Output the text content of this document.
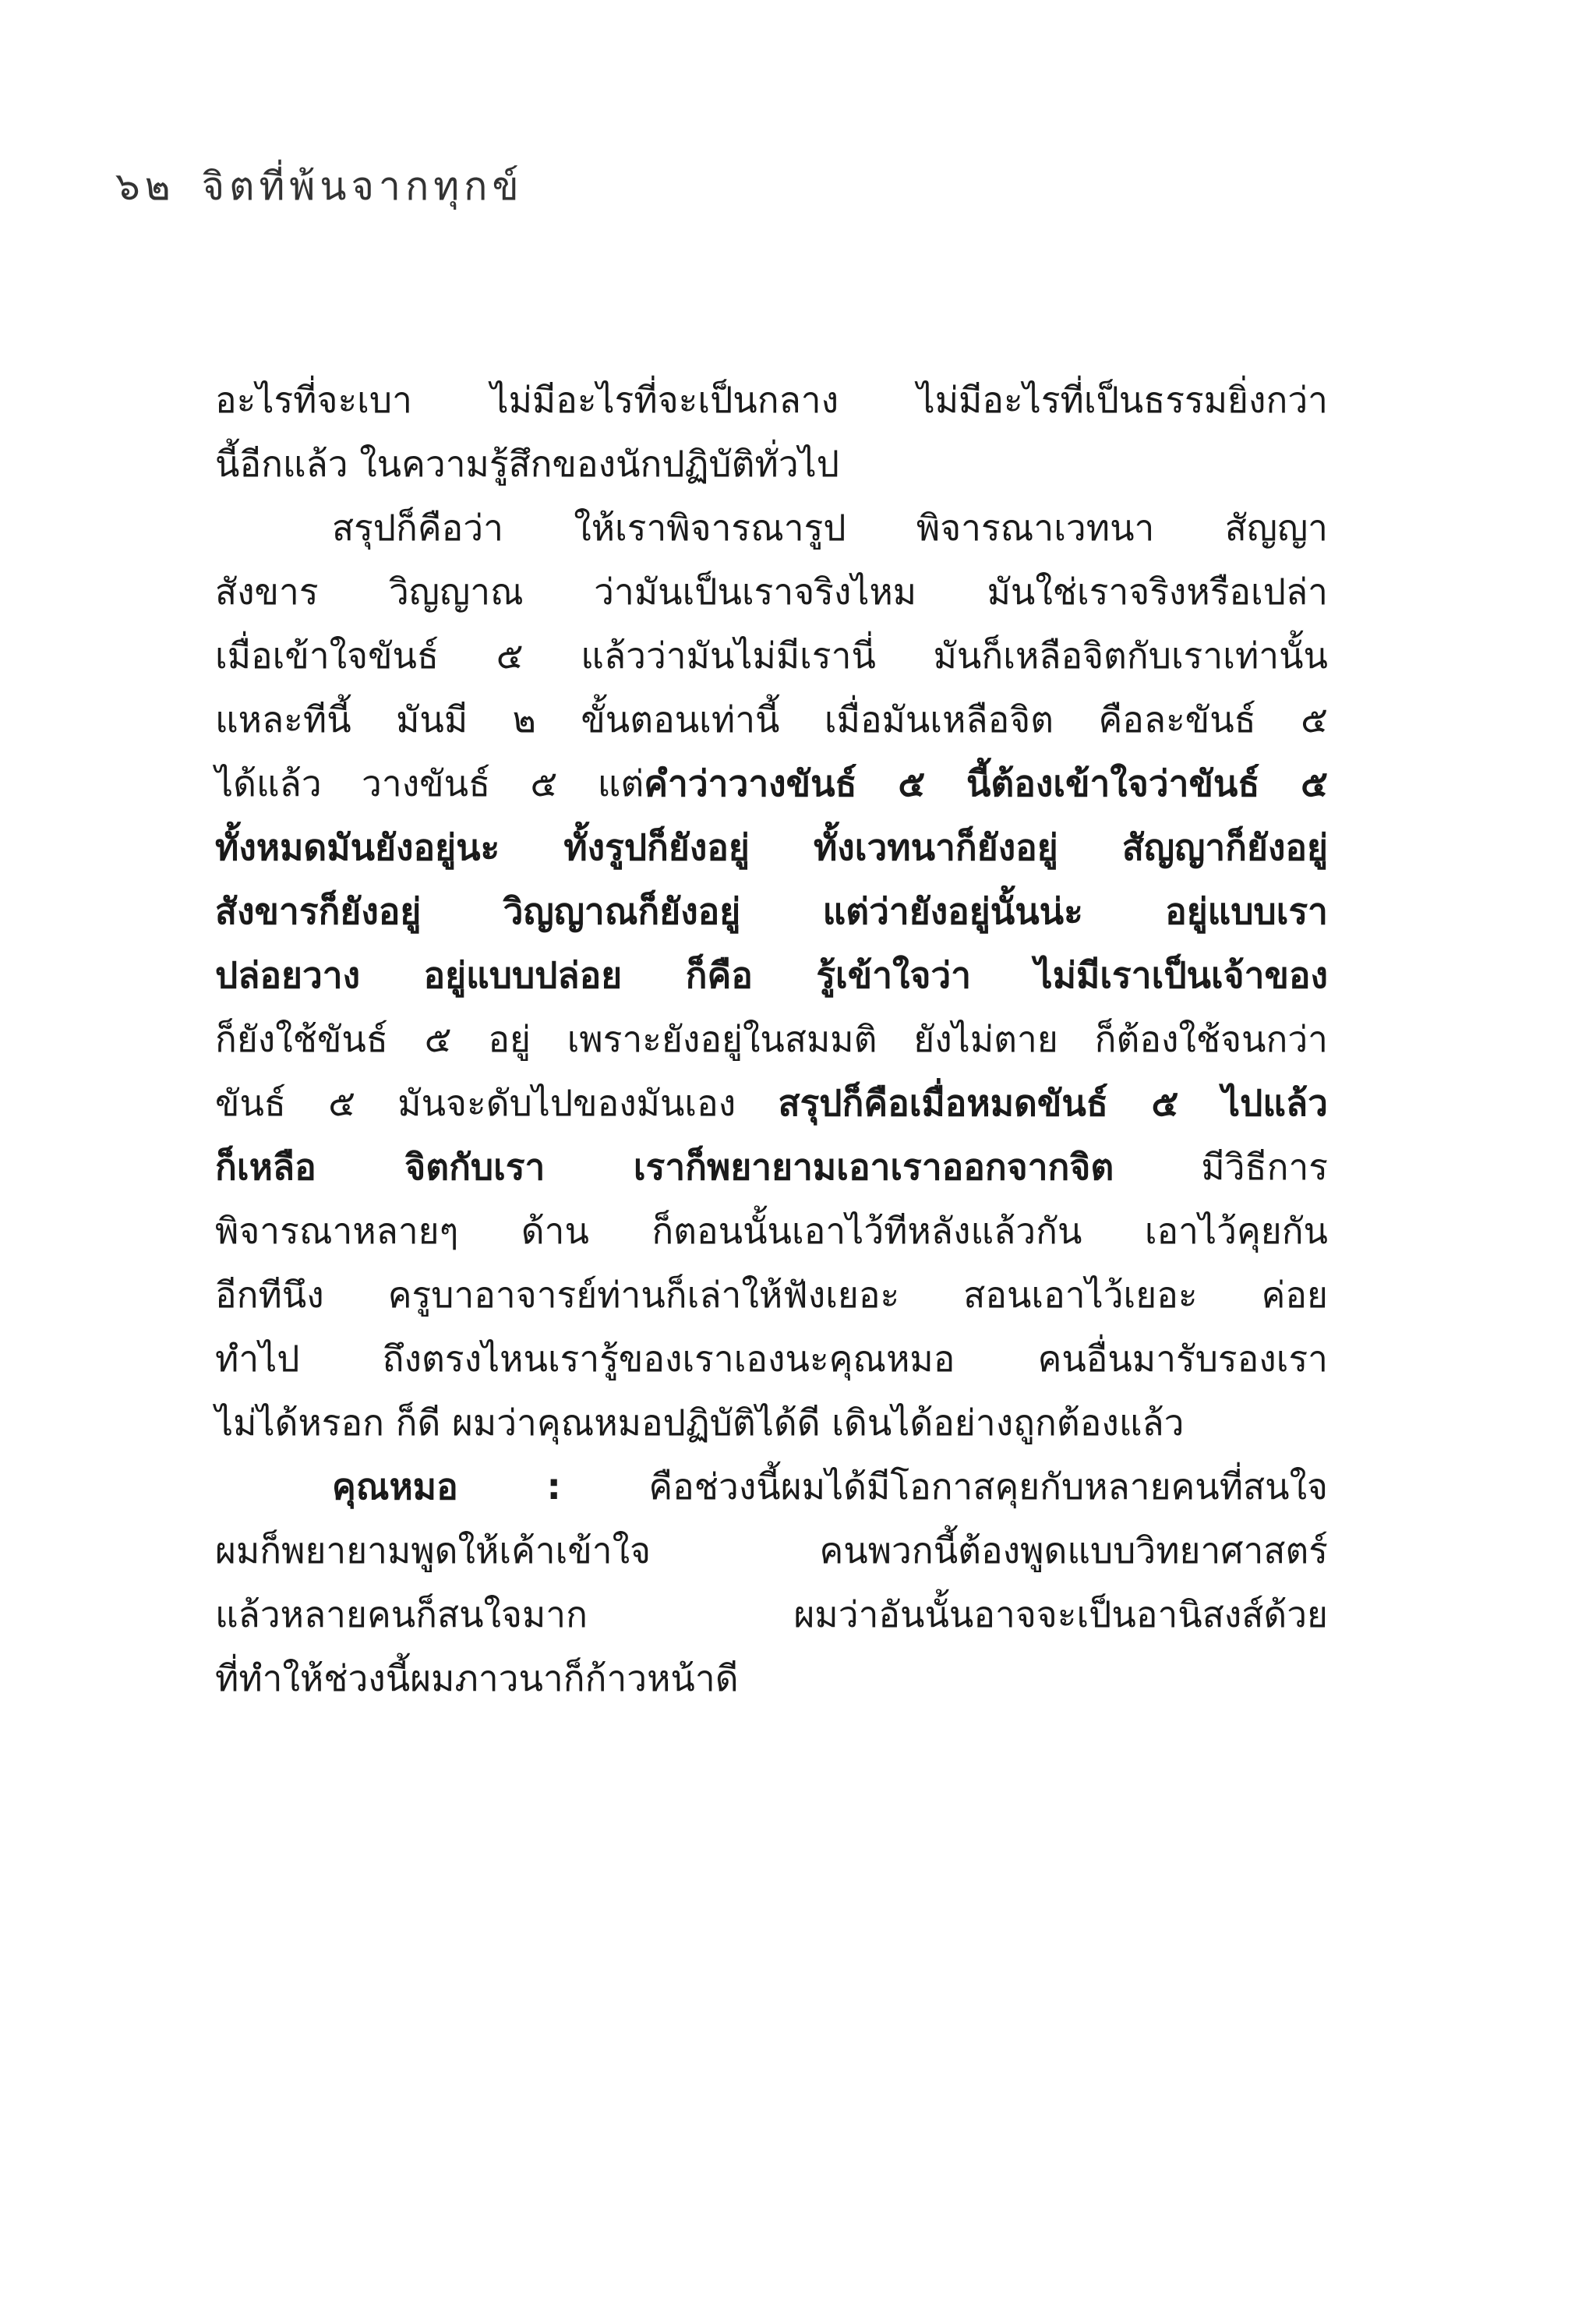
๖๒ จิตที่พ้นจากทุกข์
อะไรที่จะเบา ไม่มีอะไรที่จะเป็นกลาง ไม่มีอะไรที่เป็นธรรมยิ่งกว่า
นี้อีกแล้ว ในความรู้สึกของนักปฏิบัติทั่วไป
สรุปก็คือว่า ให้เราพิจารณารูป พิจารณาเวทนา สัญญา
สังขาร วิญญาณ ว่ามันเป็นเราจริงไหม มันใช่เราจริงหรือเปล่า
เมื่อเข้าใจขันธ์ ๕ แล้วว่ามันไม่มีเรานี่ มันก็เหลือจิตกับเราเท่านั้น
แหละทีนี้ มันมี ๒ ขั้นตอนเท่านี้ เมื่อมันเหลือจิต คือละขันธ์ ๕
ได้แล้ว วางขันธ์ ๕ แต่คำว่าวางขันธ์ ๕ นี้ต้องเข้าใจว่าขันธ์ ๕
ทั้งหมดมันยังอยู่นะ ทั้งรูปก็ยังอยู่ ทั้งเวทนาก็ยังอยู่ สัญญาก็ยังอยู่
สังขารก็ยังอยู่ วิญญาณก็ยังอยู่ แต่ว่ายังอยู่นั้นน่ะ อยู่แบบเรา
ปล่อยวาง อยู่แบบปล่อย ก็คือ รู้เข้าใจว่า ไม่มีเราเป็นเจ้าของ
ก็ยังใช้ขันธ์ ๕ อยู่ เพราะยังอยู่ในสมมติ ยังไม่ตาย ก็ต้องใช้จนกว่า
ขันธ์ ๕ มันจะดับไปของมันเอง สรุปก็คือเมื่อหมดขันธ์ ๕ ไปแล้ว
ก็เหลือ จิตกับเรา เราก็พยายามเอาเราออกจากจิต มีวิธีการ
พิจารณาหลายๆ ด้าน ก็ตอนนั้นเอาไว้ทีหลังแล้วกัน เอาไว้คุยกัน
อีกทีนึง ครูบาอาจารย์ท่านก็เล่าให้ฟังเยอะ สอนเอาไว้เยอะ ค่อย
ทำไป ถึงตรงไหนเรารู้ของเราเองนะคุณหมอ คนอื่นมารับรองเรา
ไม่ได้หรอก ก็ดี ผมว่าคุณหมอปฏิบัติได้ดี เดินได้อย่างถูกต้องแล้ว
คุณหมอ : คือช่วงนี้ผมได้มีโอกาสคุยกับหลายคนที่สนใจ
ผมก็พยายามพูดให้เค้าเข้าใจ คนพวกนี้ต้องพูดแบบวิทยาศาสตร์
แล้วหลายคนก็สนใจมาก ผมว่าอันนั้นอาจจะเป็นอานิสงส์ด้วย
ที่ทำให้ช่วงนี้ผมภาวนาก็ก้าวหน้าดี
